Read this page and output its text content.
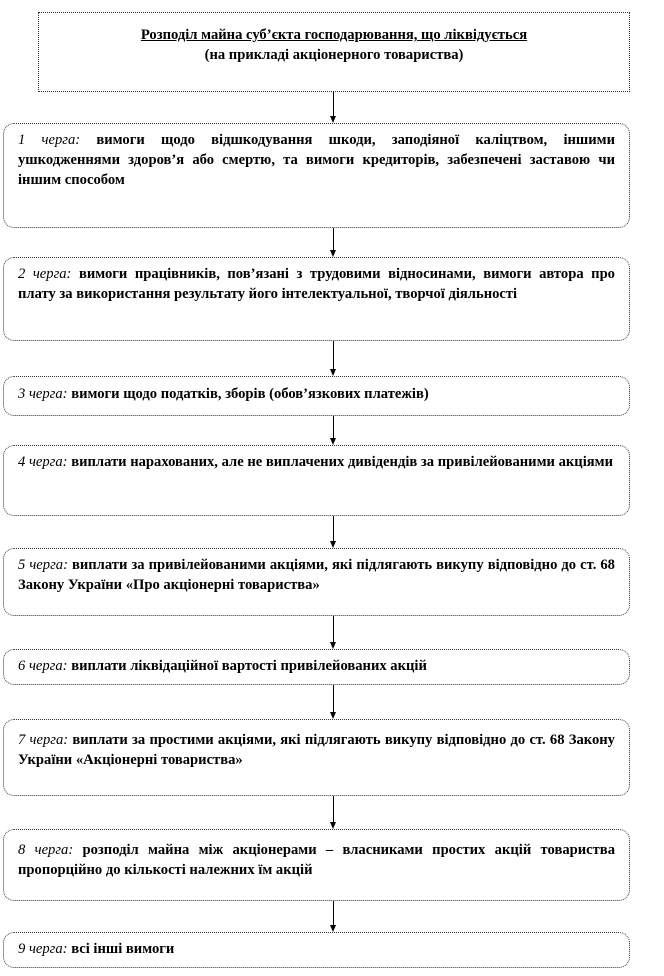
Розподіл майна суб’єкта господарювання, що ліквідується
(на прикладі акціонерного товариства)
1 черга: вимоги щодо відшкодування шкоди, заподіяної каліцтвом, іншими ушкодженнями здоров’я або смертю, та вимоги кредиторів, забезпечені заставою чи іншим способом
2 черга: вимоги працівників, пов’язані з трудовими відносинами, вимоги автора про плату за використання результату його інтелектуальної, творчої діяльності
3 черга: вимоги щодо податків, зборів (обов’язкових платежів)
4 черга: виплати нарахованих, але не виплачених дивідендів за привілейованими акціями
5 черга: виплати за привілейованими акціями, які підлягають викупу відповідно до ст. 68 Закону України «Про акціонерні товариства»
6 черга: виплати ліквідаційної вартості привілейованих акцій
7 черга: виплати за простими акціями, які підлягають викупу відповідно до ст. 68 Закону України «Акціонерні товариства»
8 черга: розподіл майна між акціонерами – власниками простих акцій товариства пропорційно до кількості належних їм акцій
9 черга: всі інші вимоги
